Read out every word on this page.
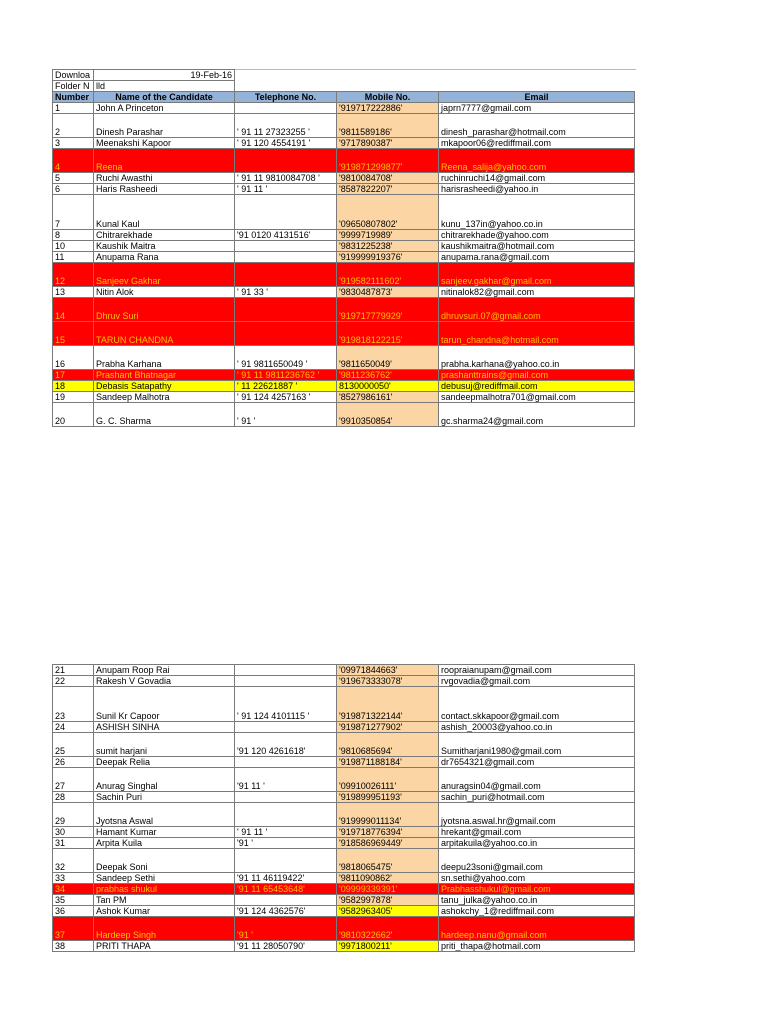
Downloa	19-Feb-16			
Folder N	lld			
Number	Name of the Candidate	Telephone No.	Mobile No.	Email
1	John A Princeton		'919717222886'	japrn7777@gmail.com
2	Dinesh Parashar	' 91 11 27323255 '	'9811589186'	dinesh_parashar@hotmail.com
3	Meenakshi Kapoor	' 91 120 4554191 '	'9717890387'	mkapoor06@rediffmail.com
4	Reena		'919871299877'	Reena_salija@yahoo.com
5	Ruchi Awasthi	' 91 11 9810084708 '	'9810084708'	ruchinruchi14@gmail.com
6	Haris Rasheedi	' 91 11 '	'8587822207'	harisrasheedi@yahoo.in
7	Kunal Kaul		'09650807802'	kunu_137in@yahoo.co.in
8	Chitrarekhade	'91 0120 4131516'	'9999719989'	chitrarekhade@yahoo.com
10	Kaushik Maitra		'9831225238'	kaushikmaitra@hotmail.com
11	Anupama Rana		'919999919376'	anupama.rana@gmail.com
12	Sanjeev Gakhar		'919582111602'	sanjeev.gakhar@gmail.com
13	Nitin Alok	' 91 33 '	'9830487873'	nitinalok82@gmail.com
14	Dhruv Suri		'919717779929'	dhruvsuri.07@gmail.com
15	TARUN CHANDNA		'919818122215'	tarun_chandna@hotmail.com
16	Prabha Karhana	' 91 9811650049 '	'9811650049'	prabha.karhana@yahoo.co.in
17	Prashant Bhatnagar	' 91 11 9811236762 '	'9811236762'	prashanttrains@gmail.com
18	Debasis Satapathy	' 11 22621887 '	8130000050'	debusuj@rediffmail.com
19	Sandeep Malhotra	' 91 124 4257163 '	'8527986161'	sandeepmalhotra701@gmail.com
20	G. C. Sharma	' 91 '	'9910350854'	gc.sharma24@gmail.com
21	Anupam Roop Rai		'09971844663'	roopraianupam@gmail.com
22	Rakesh V Govadia		'919673333078'	rvgovadia@gmail.com
23	Sunil Kr Capoor	' 91 124 4101115 '	'919871322144'	contact.skkapoor@gmail.com
24	ASHISH SINHA		'919871277902'	ashish_20003@yahoo.co.in
25	sumit harjani	'91 120 4261618'	'9810685694'	Sumitharjani1980@gmail.com
26	Deepak Relia		'919871188184'	dr7654321@gmail.com
27	Anurag Singhal	'91 11 '	'09910026111'	anuragsin04@gmail.com
28	Sachin Puri		'919899951193'	sachin_puri@hotmail.com
29	Jyotsna Aswal		'919999011134'	jyotsna.aswal.hr@gmail.com
30	Hamant Kumar	' 91 11 '	'919718776394'	hrekant@gmail.com
31	Arpita Kuila	'91 '	'918586969449'	arpitakuila@yahoo.co.in
32	Deepak Soni		'9818065475'	deepu23soni@gmail.com
33	Sandeep Sethi	'91 11 46119422'	'9811090862'	sn.sethi@yahoo.com
34	prabhas shukul	'91 11 65453648'	'09999339391'	Prabhasshukul@gmail.com
35	Tan PM		'9582997878'	tanu_julka@yahoo.co.in
36	Ashok Kumar	'91 124 4362576'	'9582963405'	ashokchy_1@rediffmail.com
37	Hardeep Singh	'91 '	'9810322662'	hardeep.nanu@gmail.com
38	PRITI THAPA	'91 11 28050790'	'9971800211'	priti_thapa@hotmail.com
